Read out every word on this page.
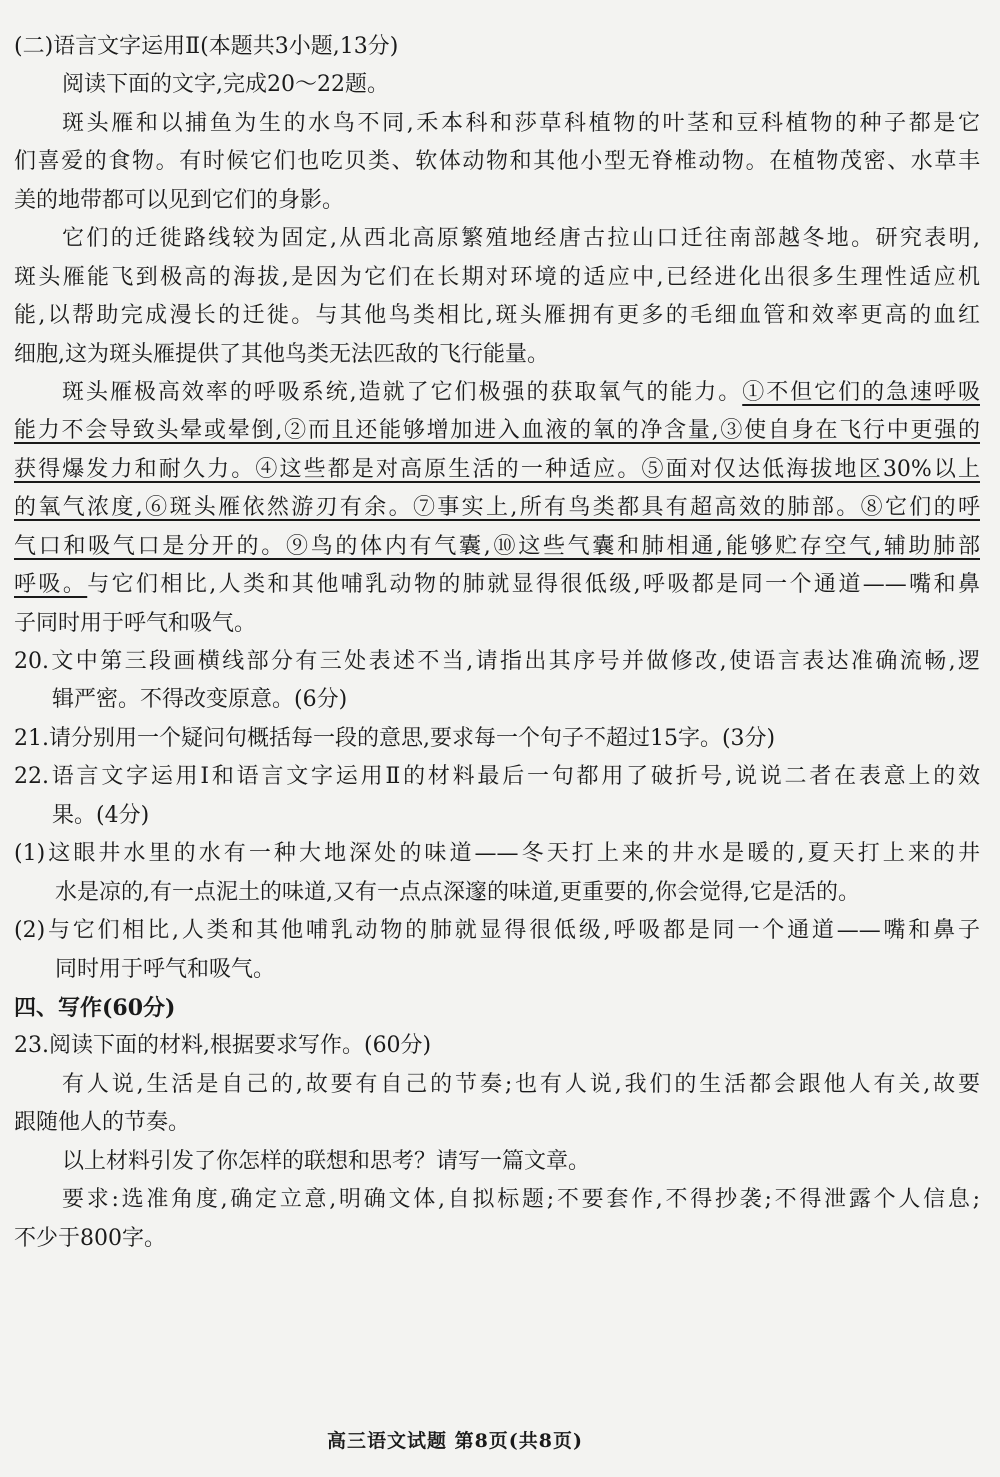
(二)语言文字运用Ⅱ(本题共3小题,13分)
阅读下面的文字,完成20～22题。
斑头雁和以捕鱼为生的水鸟不同,禾本科和莎草科植物的叶茎和豆科植物的种子都是它
们喜爱的食物。有时候它们也吃贝类、软体动物和其他小型无脊椎动物。在植物茂密、水草丰
美的地带都可以见到它们的身影。
它们的迁徙路线较为固定,从西北高原繁殖地经唐古拉山口迁往南部越冬地。研究表明,
斑头雁能飞到极高的海拔,是因为它们在长期对环境的适应中,已经进化出很多生理性适应机
能,以帮助完成漫长的迁徙。与其他鸟类相比,斑头雁拥有更多的毛细血管和效率更高的血红
细胞,这为斑头雁提供了其他鸟类无法匹敌的飞行能量。
斑头雁极高效率的呼吸系统,造就了它们极强的获取氧气的能力。①不但它们的急速呼吸
能力不会导致头晕或晕倒,②而且还能够增加进入血液的氧的净含量,③使自身在飞行中更强的
获得爆发力和耐久力。④这些都是对高原生活的一种适应。⑤面对仅达低海拔地区30%以上
的氧气浓度,⑥斑头雁依然游刃有余。⑦事实上,所有鸟类都具有超高效的肺部。⑧它们的呼
气口和吸气口是分开的。⑨鸟的体内有气囊,⑩这些气囊和肺相通,能够贮存空气,辅助肺部
呼吸。与它们相比,人类和其他哺乳动物的肺就显得很低级,呼吸都是同一个通道——嘴和鼻
子同时用于呼气和吸气。
20.文中第三段画横线部分有三处表述不当,请指出其序号并做修改,使语言表达准确流畅,逻
辑严密。不得改变原意。(6分)
21.请分别用一个疑问句概括每一段的意思,要求每一个句子不超过15字。(3分)
22.语言文字运用Ⅰ和语言文字运用Ⅱ的材料最后一句都用了破折号,说说二者在表意上的效
果。(4分)
(1)这眼井水里的水有一种大地深处的味道——冬天打上来的井水是暖的,夏天打上来的井
水是凉的,有一点泥土的味道,又有一点点深邃的味道,更重要的,你会觉得,它是活的。
(2)与它们相比,人类和其他哺乳动物的肺就显得很低级,呼吸都是同一个通道——嘴和鼻子
同时用于呼气和吸气。
四、写作(60分)
23.阅读下面的材料,根据要求写作。(60分)
有人说,生活是自己的,故要有自己的节奏;也有人说,我们的生活都会跟他人有关,故要
跟随他人的节奏。
以上材料引发了你怎样的联想和思考？请写一篇文章。
要求:选准角度,确定立意,明确文体,自拟标题;不要套作,不得抄袭;不得泄露个人信息;
不少于800字。
高三语文试题 第8页(共8页)
